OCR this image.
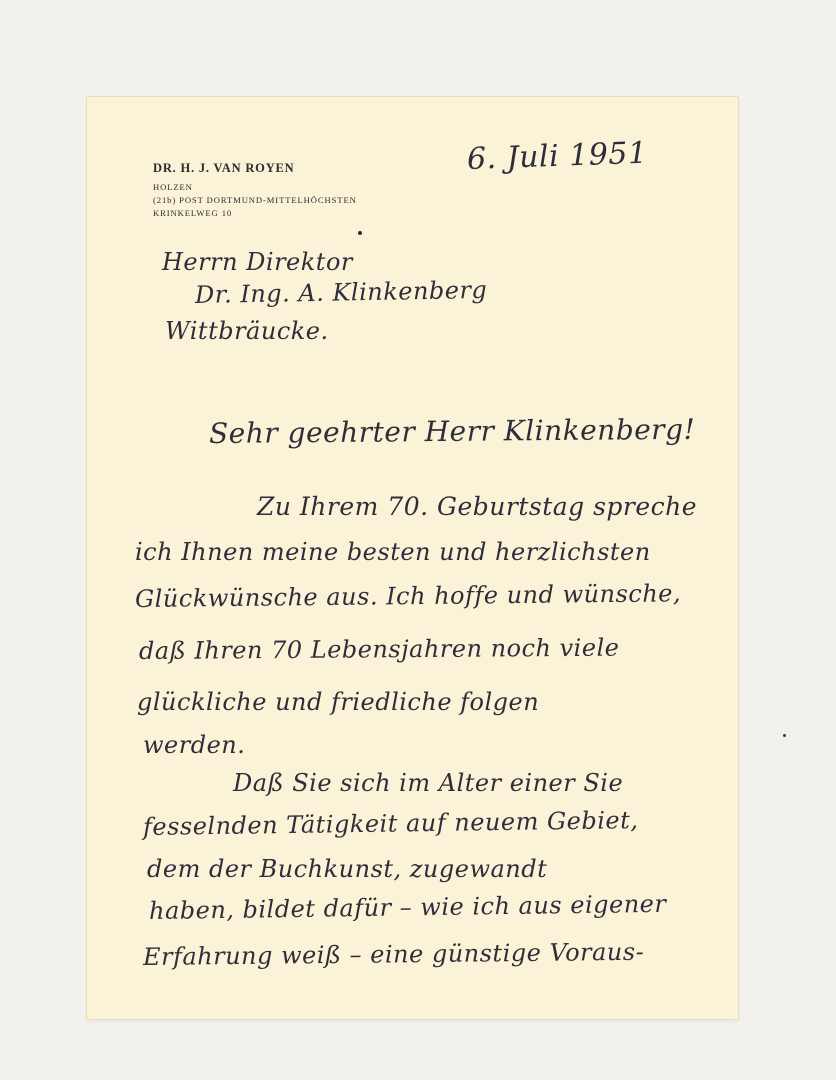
DR. H. J. VAN ROYEN
HOLZEN
(21b) POST DORTMUND-MITTELHÖCHSTEN
KRINKELWEG 10
6. Juli 1951
Herrn Direktor
Dr. Ing. A. Klinkenberg
Wittbräucke.
Sehr geehrter Herr Klinkenberg!
Zu Ihrem 70. Geburtstag spreche
ich Ihnen meine besten und herzlichsten
Glückwünsche aus. Ich hoffe und wünsche,
daß Ihren 70 Lebensjahren noch viele
glückliche und friedliche folgen
werden.
Daß Sie sich im Alter einer Sie
fesselnden Tätigkeit auf neuem Gebiet,
dem der Buchkunst, zugewandt
haben, bildet dafür – wie ich aus eigener
Erfahrung weiß – eine günstige Voraus-
